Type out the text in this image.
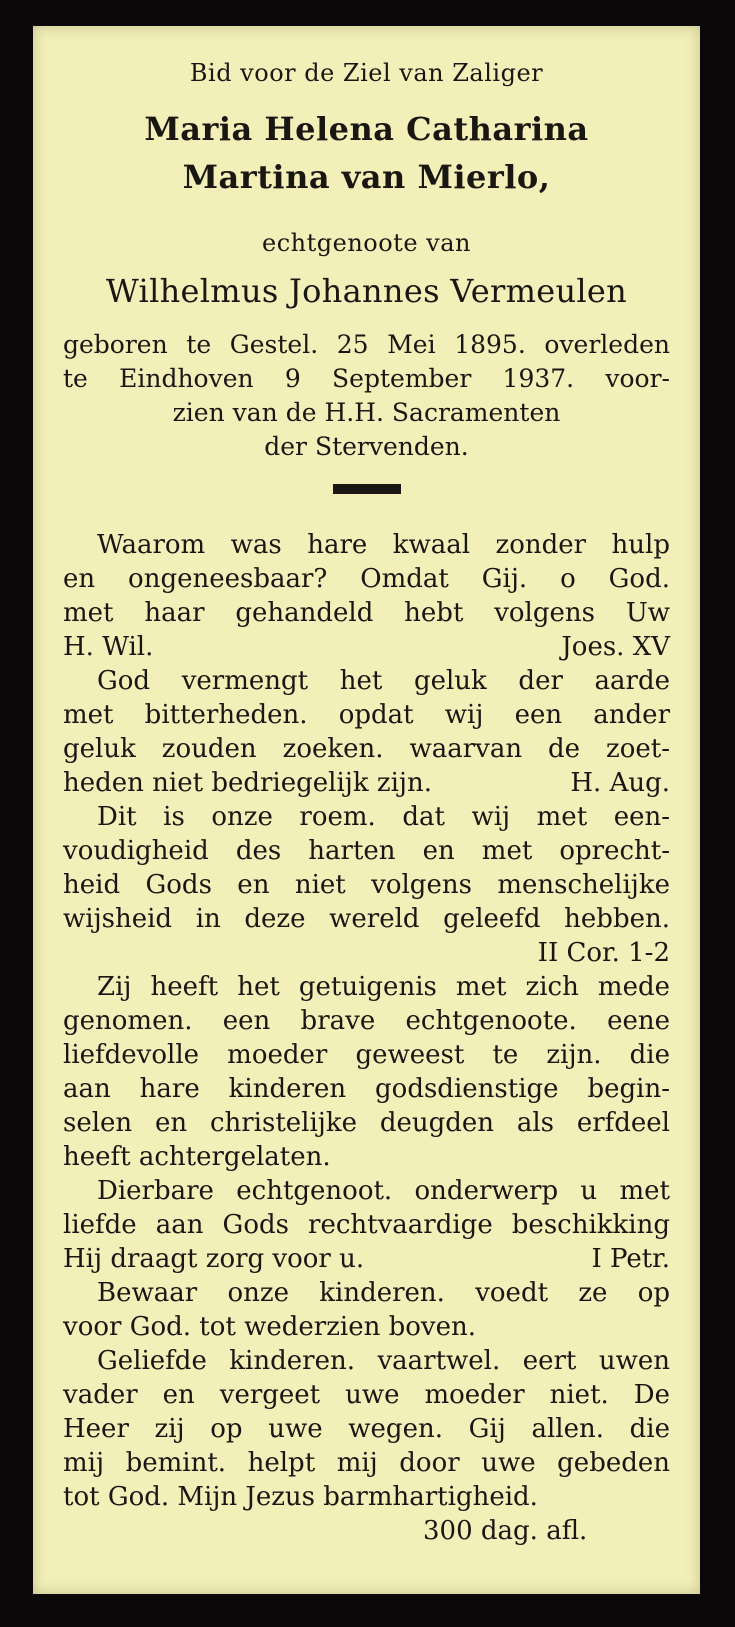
Bid voor de Ziel van Zaliger
Maria Helena Catharina
Martina van Mierlo,
echtgenoote van
Wilhelmus Johannes Vermeulen
geboren te Gestel. 25 Mei 1895. overleden
te Eindhoven 9 September 1937. voor-
zien van de H.H. Sacramenten
der Stervenden.
Waarom was hare kwaal zonder hulp
en ongeneesbaar? Omdat Gij. o God.
met haar gehandeld hebt volgens Uw
H. Wil.	Joes. XV
God vermengt het geluk der aarde
met bitterheden. opdat wij een ander
geluk zouden zoeken. waarvan de zoet-
heden niet bedriegelijk zijn.	H. Aug.
Dit is onze roem. dat wij met een-
voudigheid des harten en met oprecht-
heid Gods en niet volgens menschelijke
wijsheid in deze wereld geleefd hebben.
II Cor. 1-2
Zij heeft het getuigenis met zich mede
genomen. een brave echtgenoote. eene
liefdevolle moeder geweest te zijn. die
aan hare kinderen godsdienstige begin-
selen en christelijke deugden als erfdeel
heeft achtergelaten.
Dierbare echtgenoot. onderwerp u met
liefde aan Gods rechtvaardige beschikking
Hij draagt zorg voor u.	I Petr.
Bewaar onze kinderen. voedt ze op
voor God. tot wederzien boven.
Geliefde kinderen. vaartwel. eert uwen
vader en vergeet uwe moeder niet. De
Heer zij op uwe wegen. Gij allen. die
mij bemint. helpt mij door uwe gebeden
tot God. Mijn Jezus barmhartigheid.
300 dag. afl.
